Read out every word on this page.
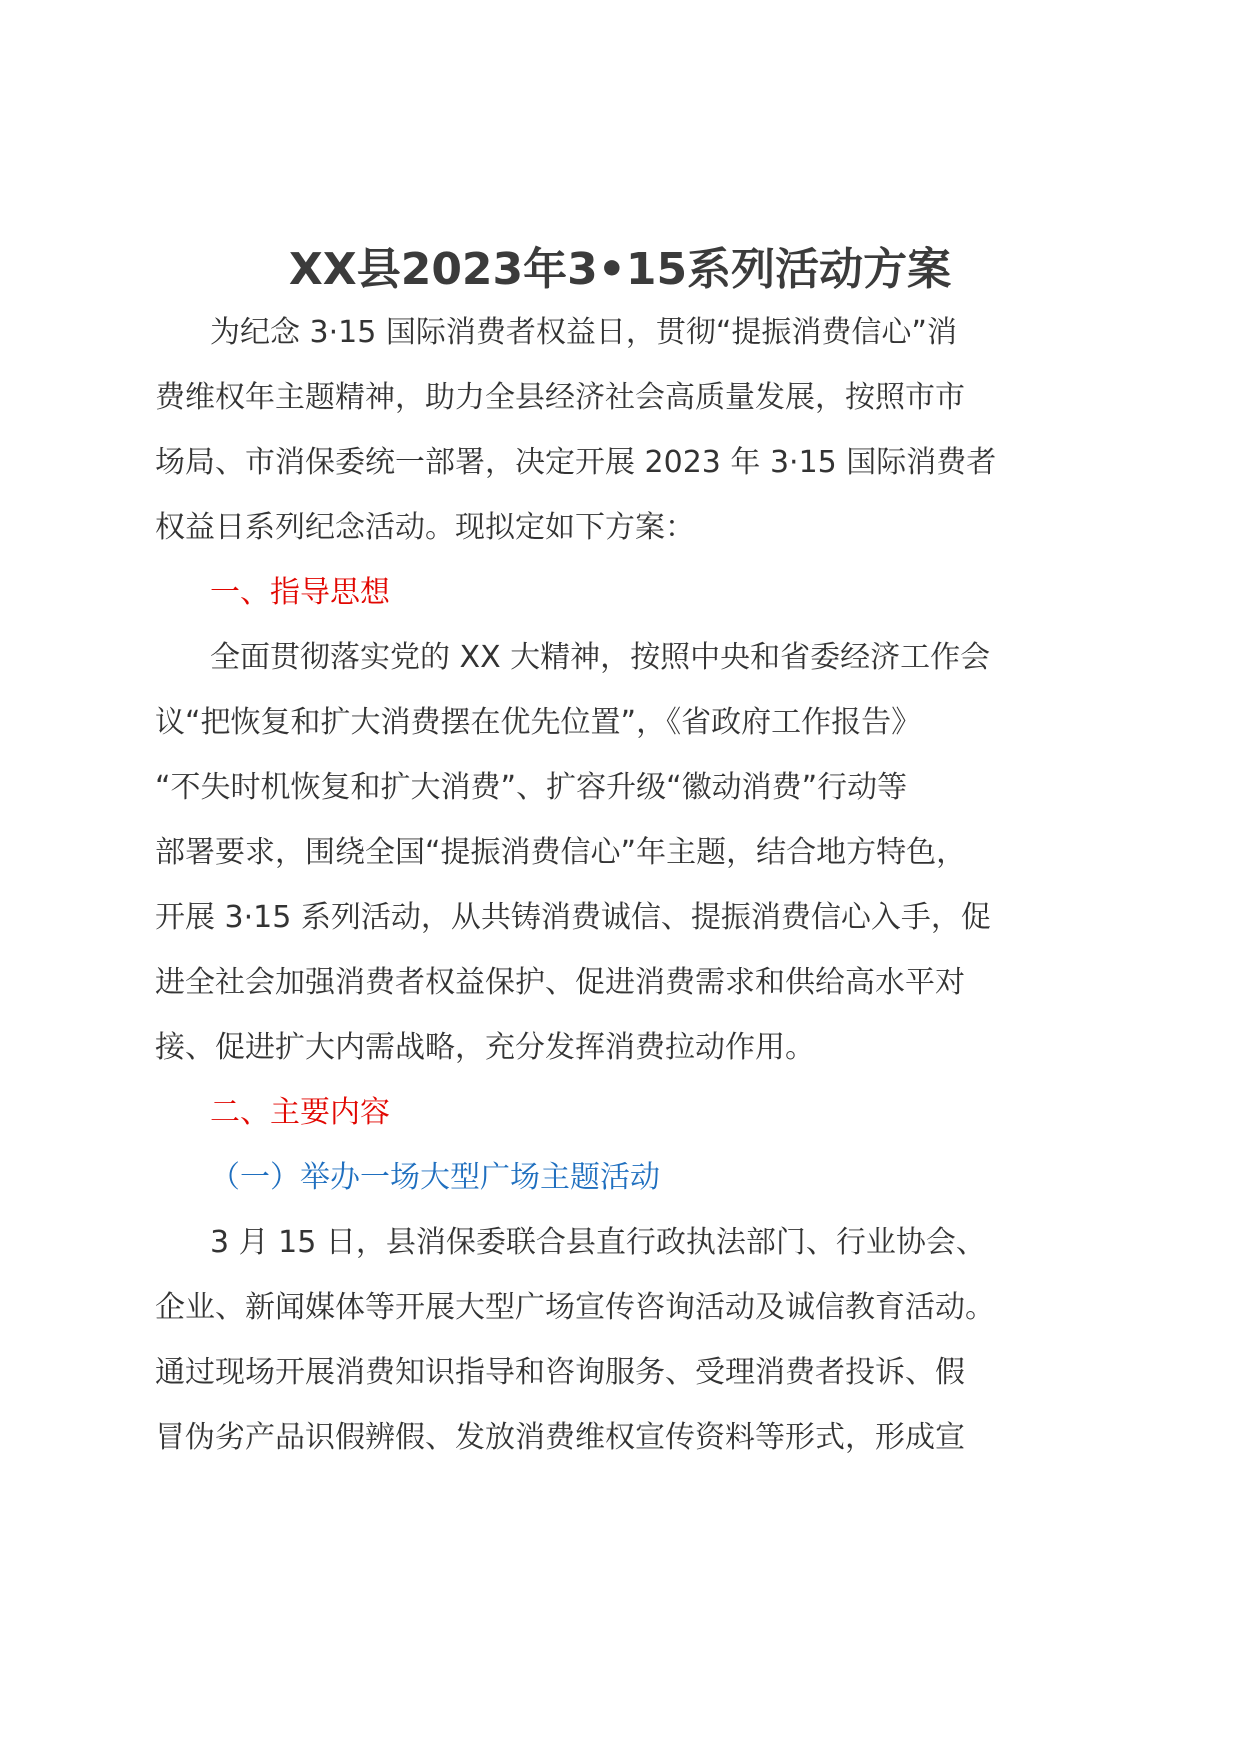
XX县2023年3•15系列活动方案
为纪念 3·15 国际消费者权益日，贯彻“提振消费信心”消
费维权年主题精神，助力全县经济社会高质量发展，按照市市
场局、市消保委统一部署，决定开展 2023 年 3·15 国际消费者
权益日系列纪念活动。现拟定如下方案：
一、指导思想
全面贯彻落实党的 XX 大精神，按照中央和省委经济工作会
议“把恢复和扩大消费摆在优先位置”，《省政府工作报告》
“不失时机恢复和扩大消费”、扩容升级“徽动消费”行动等
部署要求，围绕全国“提振消费信心”年主题，结合地方特色，
开展 3·15 系列活动，从共铸消费诚信、提振消费信心入手，促
进全社会加强消费者权益保护、促进消费需求和供给高水平对
接、促进扩大内需战略，充分发挥消费拉动作用。
二、主要内容
（一）举办一场大型广场主题活动
3 月 15 日，县消保委联合县直行政执法部门、行业协会、
企业、新闻媒体等开展大型广场宣传咨询活动及诚信教育活动。
通过现场开展消费知识指导和咨询服务、受理消费者投诉、假
冒伪劣产品识假辨假、发放消费维权宣传资料等形式，形成宣
